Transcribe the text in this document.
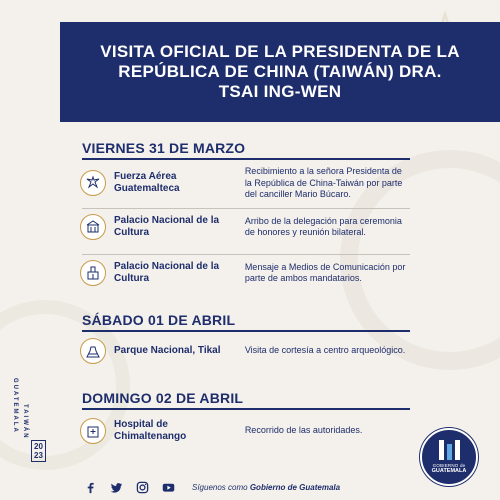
VISITA OFICIAL DE LA PRESIDENTA DE LA REPÚBLICA DE CHINA (TAIWÁN) DRA. TSAI ING-WEN
VIERNES 31 DE MARZO
Fuerza Aérea Guatemalteca
Recibimiento a la señora Presidenta de la República de China-Taiwán por parte del canciller Mario Búcaro.
Palacio Nacional de la Cultura
Arribo de la delegación para ceremonia de honores y reunión bilateral.
Palacio Nacional de la Cultura
Mensaje a Medios de Comunicación por parte de ambos mandatarios.
SÁBADO 01 DE ABRIL
Parque Nacional, Tikal	Visita de cortesía a centro arqueológico.
DOMINGO 02 DE ABRIL
Hospital de Chimaltenango
Recorrido de las autoridades.
GUATEMALA TAIWÁN
20
23
Síguenos como Gobierno de Guatemala
GOBIERNO de
GUATEMALA
